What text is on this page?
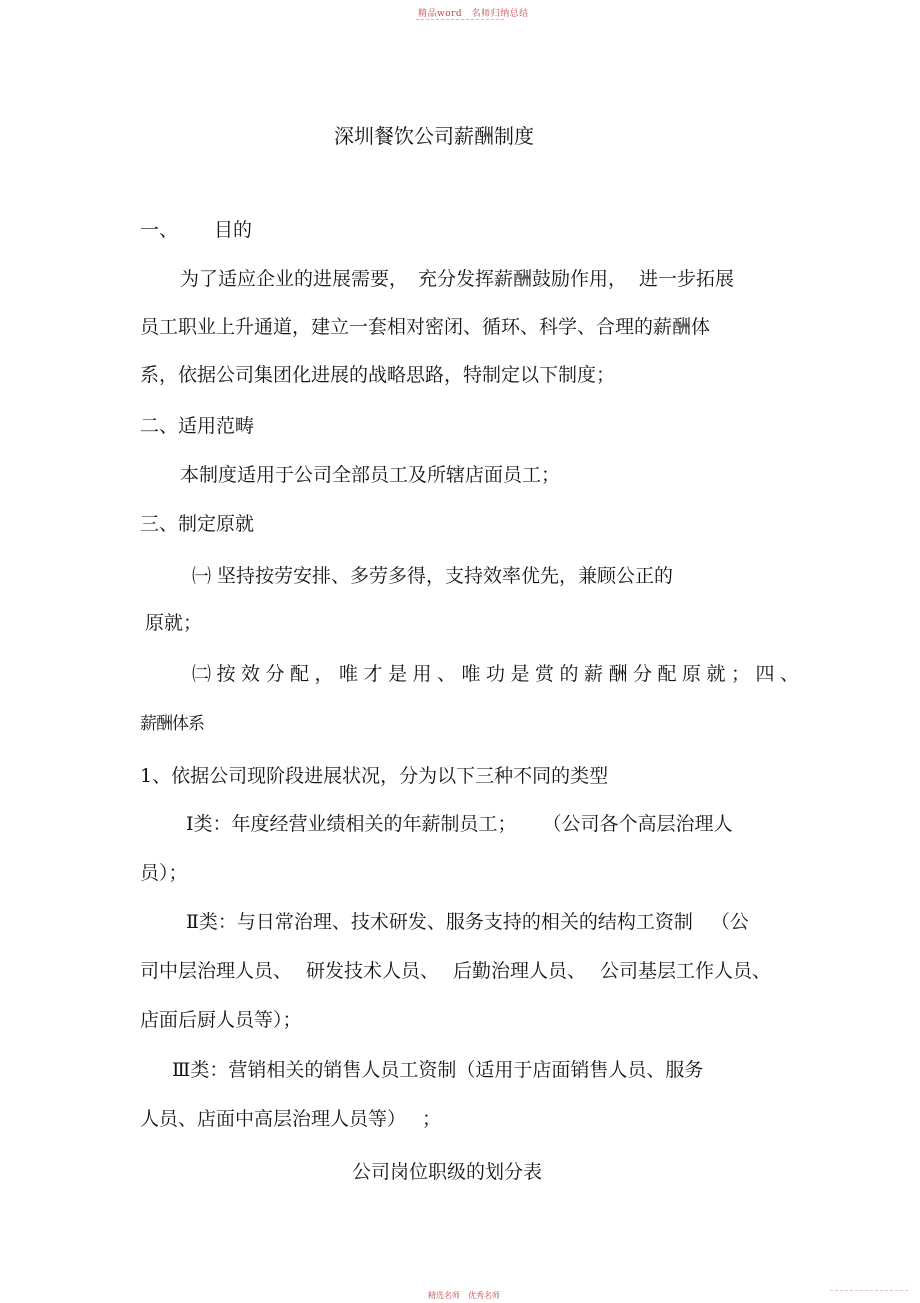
精品word　名师归纳总结
深圳餐饮公司薪酬制度
一、 目的
为了适应企业的进展需要， 充分发挥薪酬鼓励作用， 进一步拓展
员工职业上升通道，建立一套相对密闭、循环、科学、合理的薪酬体
系，依据公司集团化进展的战略思路，特制定以下制度；
二、适用范畴
本制度适用于公司全部员工及所辖店面员工；
三、制定原就
㈠ 坚持按劳安排、多劳多得，支持效率优先，兼顾公正的
原就；
㈡按效分配，唯才是用、唯功是赏的薪酬分配原就；四、
薪酬体系
1、依据公司现阶段进展状况，分为以下三种不同的类型
Ⅰ类：年度经营业绩相关的年薪制员工； （公司各个高层治理人
员）；
Ⅱ类：与日常治理、技术研发、服务支持的相关的结构工资制 （公
司中层治理人员、 研发技术人员、 后勤治理人员、 公司基层工作人员、
店面后厨人员等）；
Ⅲ类：营销相关的销售人员工资制（适用于店面销售人员、服务
人员、店面中高层治理人员等） ；
公司岗位职级的划分表
精选名师　优秀名师
